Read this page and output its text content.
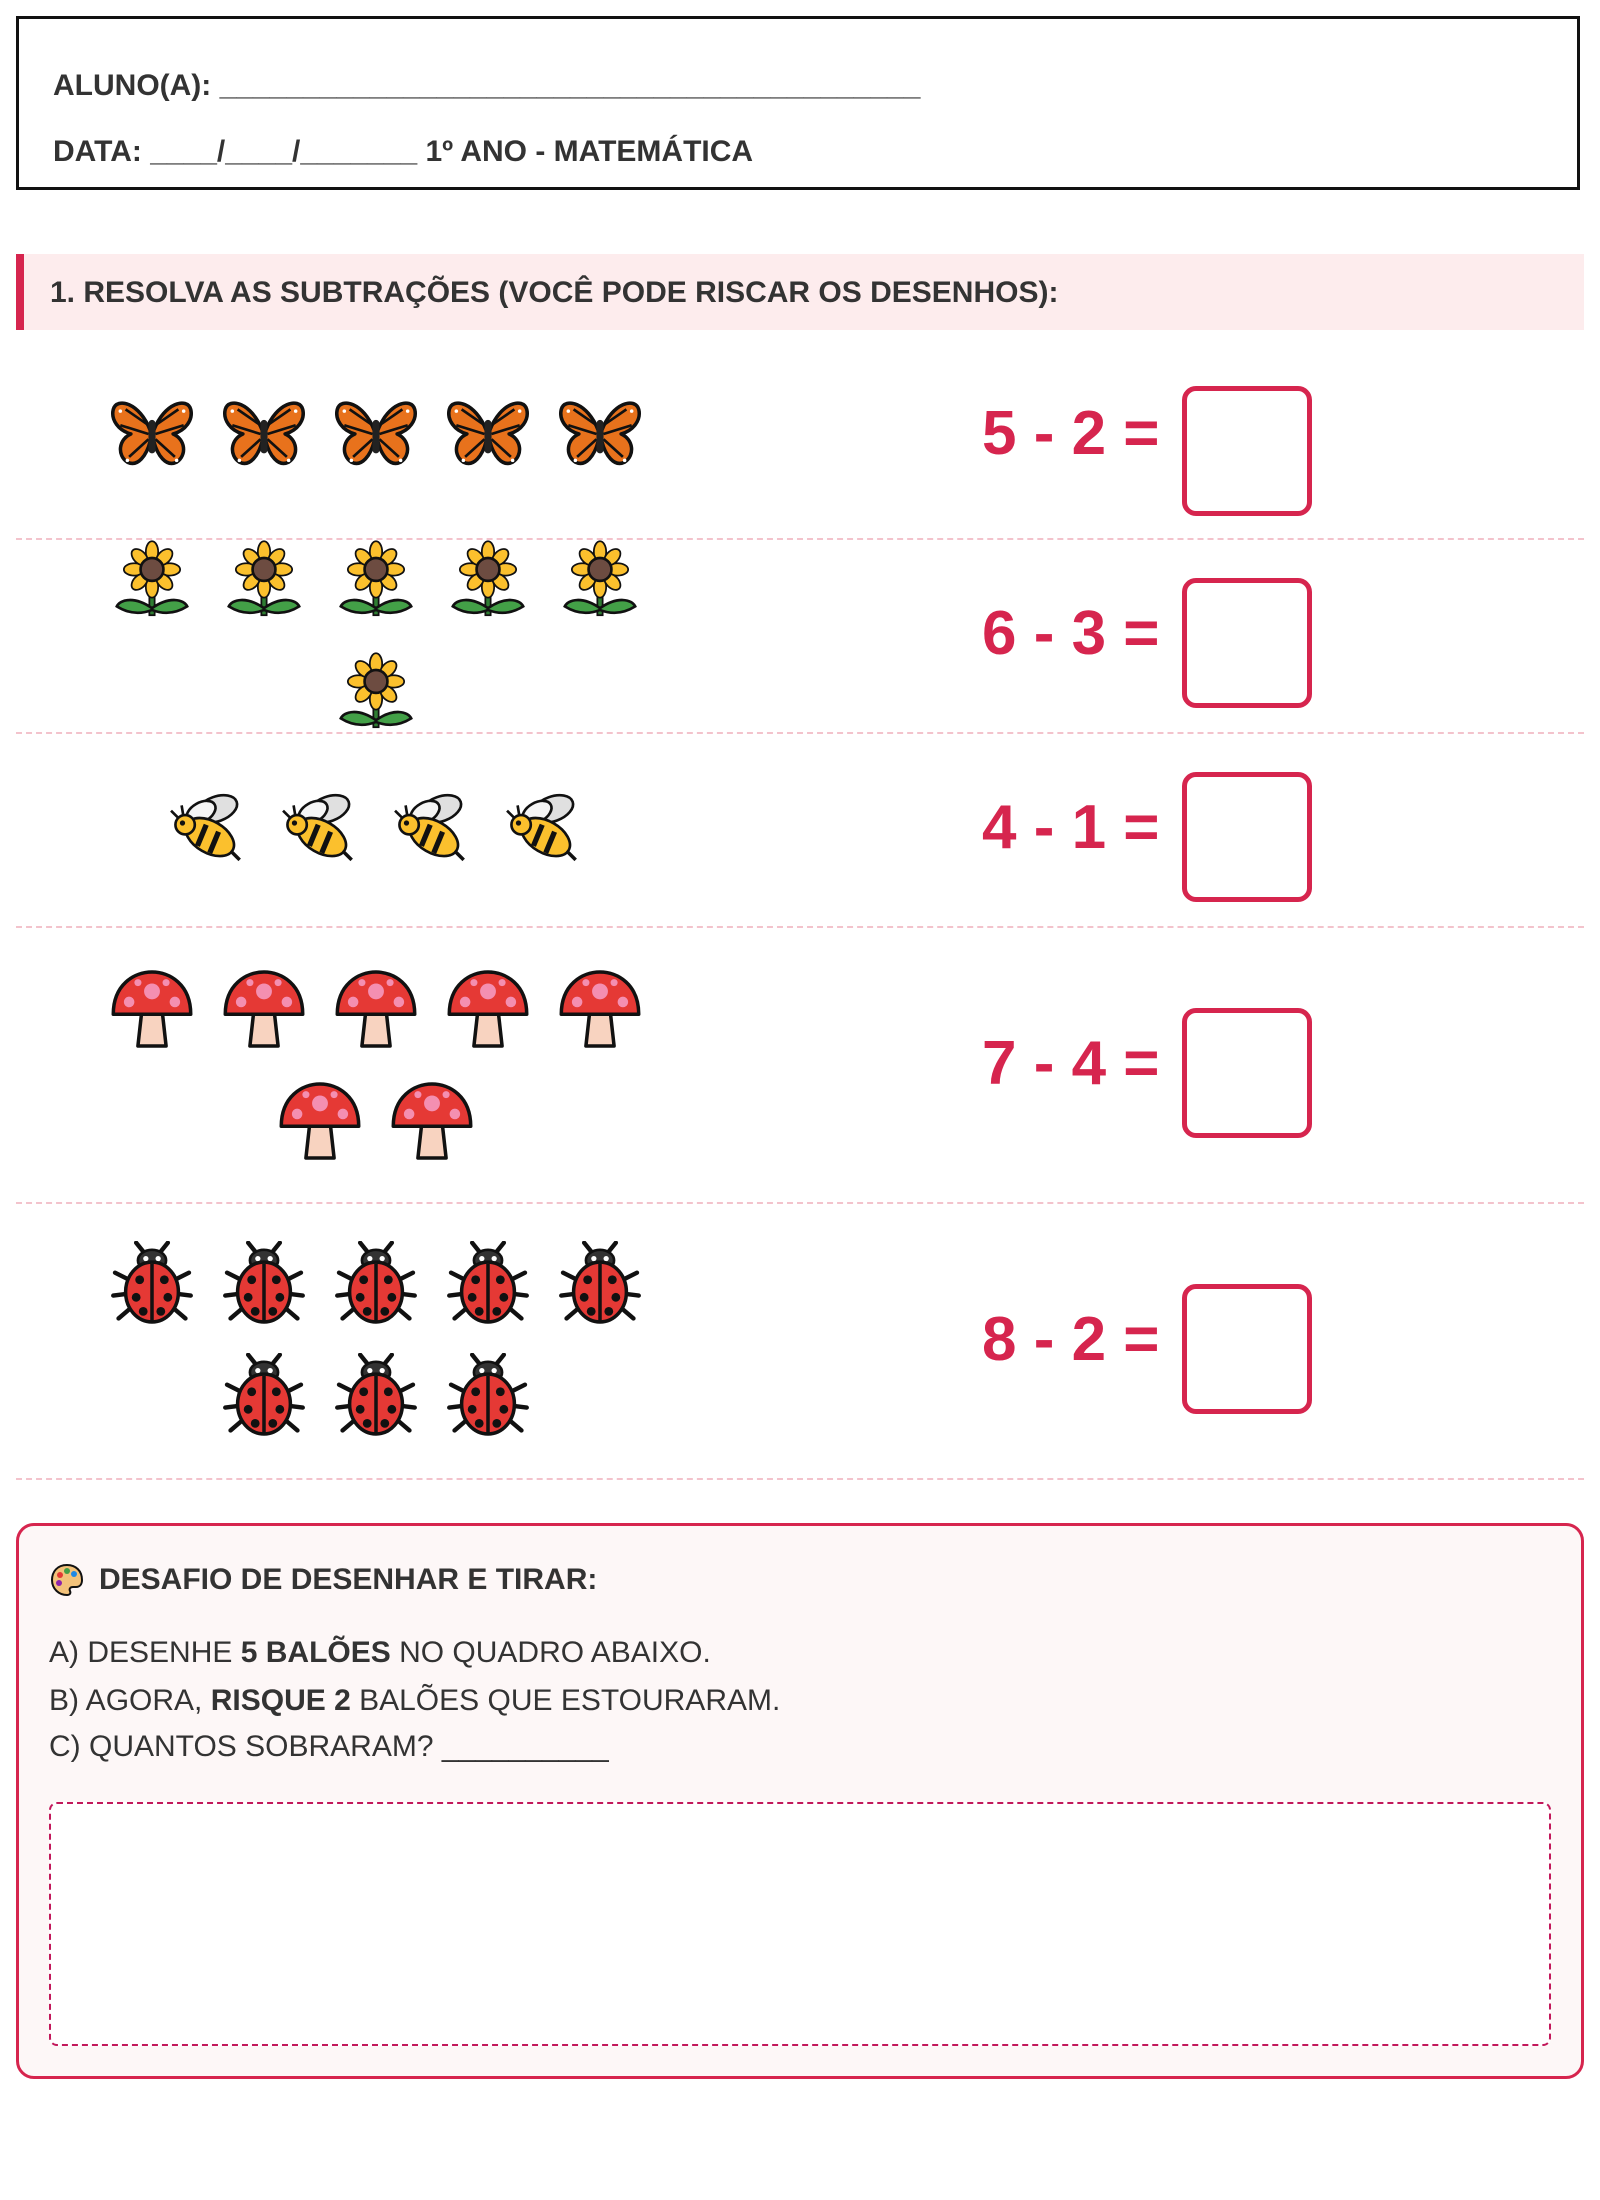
ALUNO(A): __________________________________________
DATA: ____/____/_______ 1º ANO - MATEMÁTICA
1. RESOLVA AS SUBTRAÇÕES (VOCÊ PODE RISCAR OS DESENHOS):
5 - 2 =
6 - 3 =
4 - 1 =
7 - 4 =
8 - 2 =
DESAFIO DE DESENHAR E TIRAR:
A) DESENHE 5 BALÕES NO QUADRO ABAIXO.
B) AGORA, RISQUE 2 BALÕES QUE ESTOURARAM.
C) QUANTOS SOBRARAM? __________
